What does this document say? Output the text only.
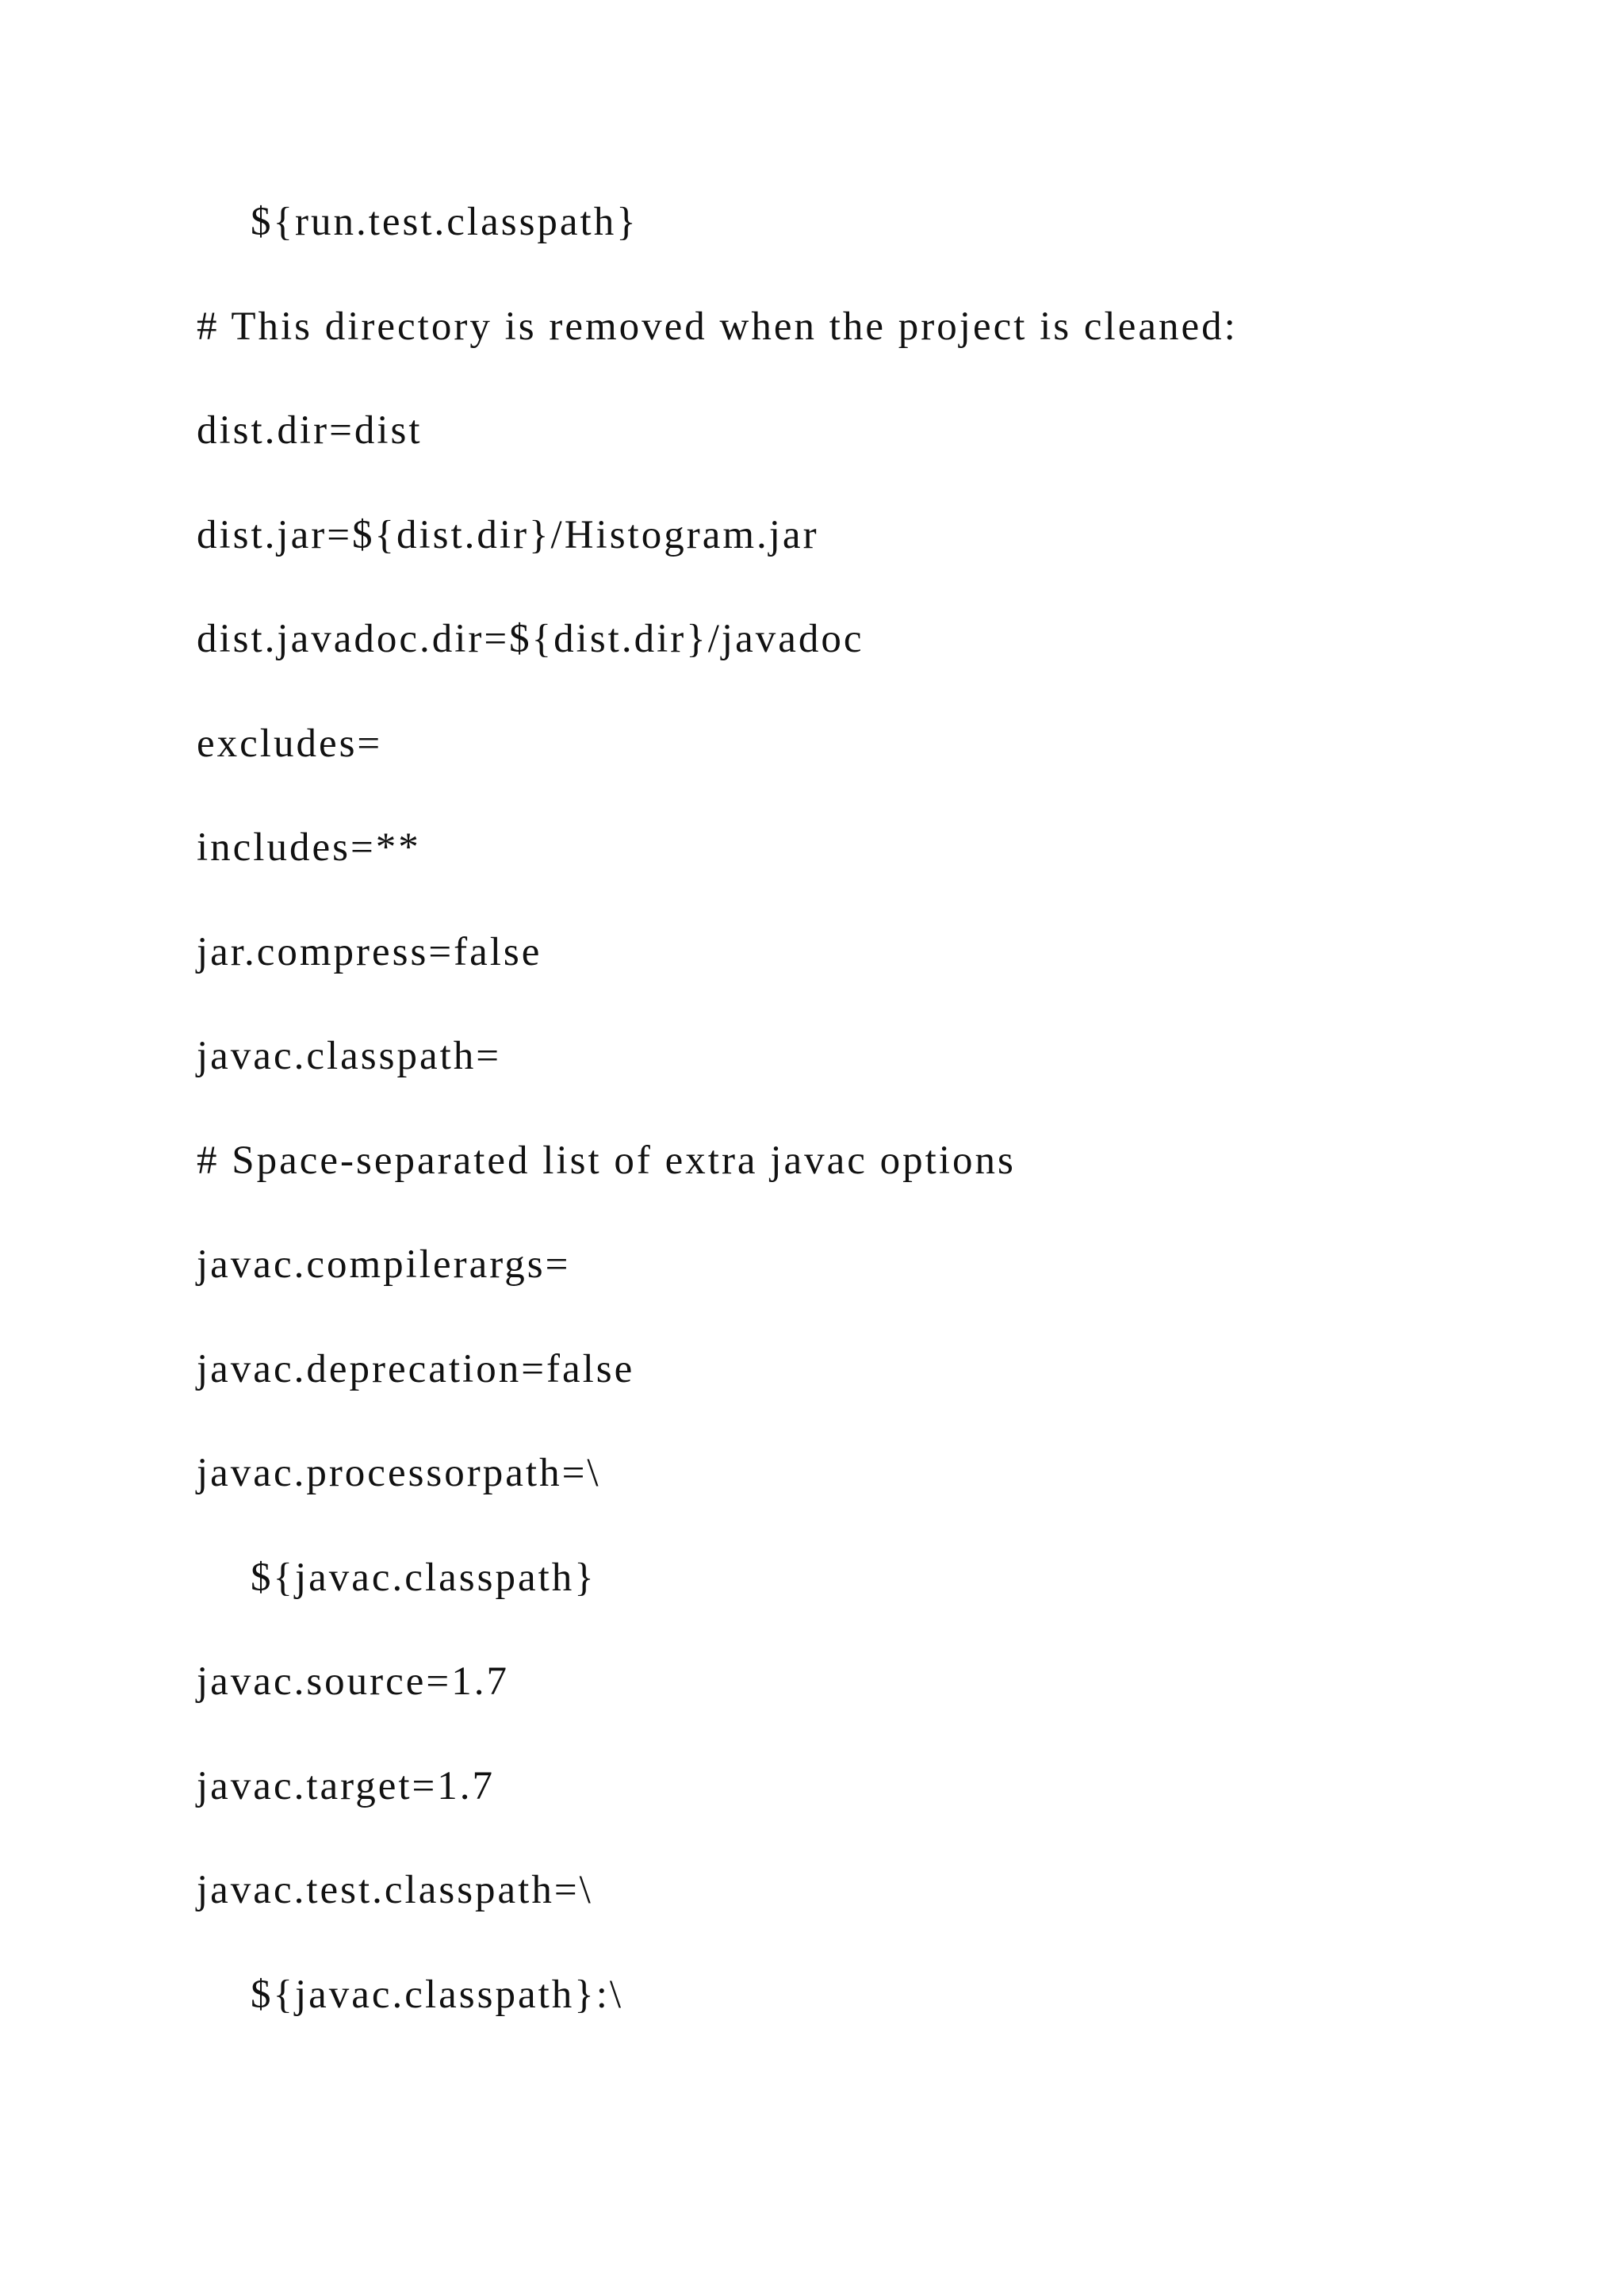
${run.test.classpath}
# This directory is removed when the project is cleaned:
dist.dir=dist
dist.jar=${dist.dir}/Histogram.jar
dist.javadoc.dir=${dist.dir}/javadoc
excludes=
includes=**
jar.compress=false
javac.classpath=
# Space-separated list of extra javac options
javac.compilerargs=
javac.deprecation=false
javac.processorpath=\
${javac.classpath}
javac.source=1.7
javac.target=1.7
javac.test.classpath=\
${javac.classpath}:\
